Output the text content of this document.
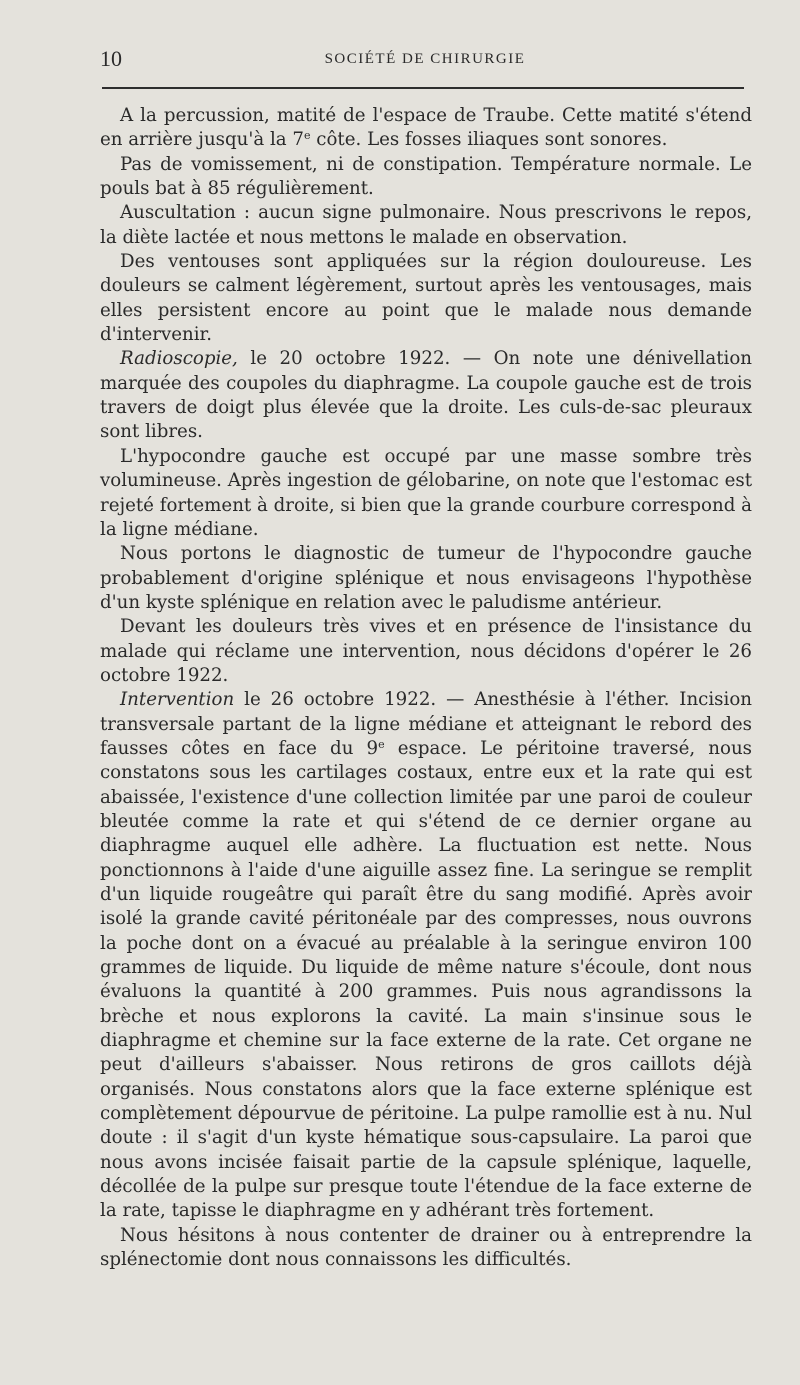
10	SOCIÉTÉ DE CHIRURGIE

A la percussion, matité de l'espace de Traube. Cette matité s'étend en arrière jusqu'à la 7e côte. Les fosses iliaques sont sonores.

Pas de vomissement, ni de constipation. Température normale. Le pouls bat à 85 régulièrement.

Auscultation : aucun signe pulmonaire. Nous prescrivons le repos, la diète lactée et nous mettons le malade en observation.

Des ventouses sont appliquées sur la région douloureuse. Les douleurs se calment légèrement, surtout après les ventousages, mais elles persistent encore au point que le malade nous demande d'intervenir.

Radioscopie, le 20 octobre 1922. — On note une dénivellation marquée des coupoles du diaphragme. La coupole gauche est de trois travers de doigt plus élevée que la droite. Les culs-de-sac pleuraux sont libres.

L'hypocondre gauche est occupé par une masse sombre très volumineuse. Après ingestion de gélobarine, on note que l'estomac est rejeté fortement à droite, si bien que la grande courbure correspond à la ligne médiane.

Nous portons le diagnostic de tumeur de l'hypocondre gauche probablement d'origine splénique et nous envisageons l'hypothèse d'un kyste splénique en relation avec le paludisme antérieur.

Devant les douleurs très vives et en présence de l'insistance du malade qui réclame une intervention, nous décidons d'opérer le 26 octobre 1922.

Intervention le 26 octobre 1922. — Anesthésie à l'éther. Incision transversale partant de la ligne médiane et atteignant le rebord des fausses côtes en face du 9e espace. Le péritoine traversé, nous constatons sous les cartilages costaux, entre eux et la rate qui est abaissée, l'existence d'une collection limitée par une paroi de couleur bleutée comme la rate et qui s'étend de ce dernier organe au diaphragme auquel elle adhère. La fluctuation est nette. Nous ponctionnons à l'aide d'une aiguille assez fine. La seringue se remplit d'un liquide rougeâtre qui paraît être du sang modifié. Après avoir isolé la grande cavité péritonéale par des compresses, nous ouvrons la poche dont on a évacué au préalable à la seringue environ 100 grammes de liquide. Du liquide de même nature s'écoule, dont nous évaluons la quantité à 200 grammes. Puis nous agrandissons la brèche et nous explorons la cavité. La main s'insinue sous le diaphragme et chemine sur la face externe de la rate. Cet organe ne peut d'ailleurs s'abaisser. Nous retirons de gros caillots déjà organisés. Nous constatons alors que la face externe splénique est complètement dépourvue de péritoine. La pulpe ramollie est à nu. Nul doute : il s'agit d'un kyste hématique sous-capsulaire. La paroi que nous avons incisée faisait partie de la capsule splénique, laquelle, décollée de la pulpe sur presque toute l'étendue de la face externe de la rate, tapisse le diaphragme en y adhérant très fortement.

Nous hésitons à nous contenter de drainer ou à entreprendre la splénectomie dont nous connaissons les difficultés.
